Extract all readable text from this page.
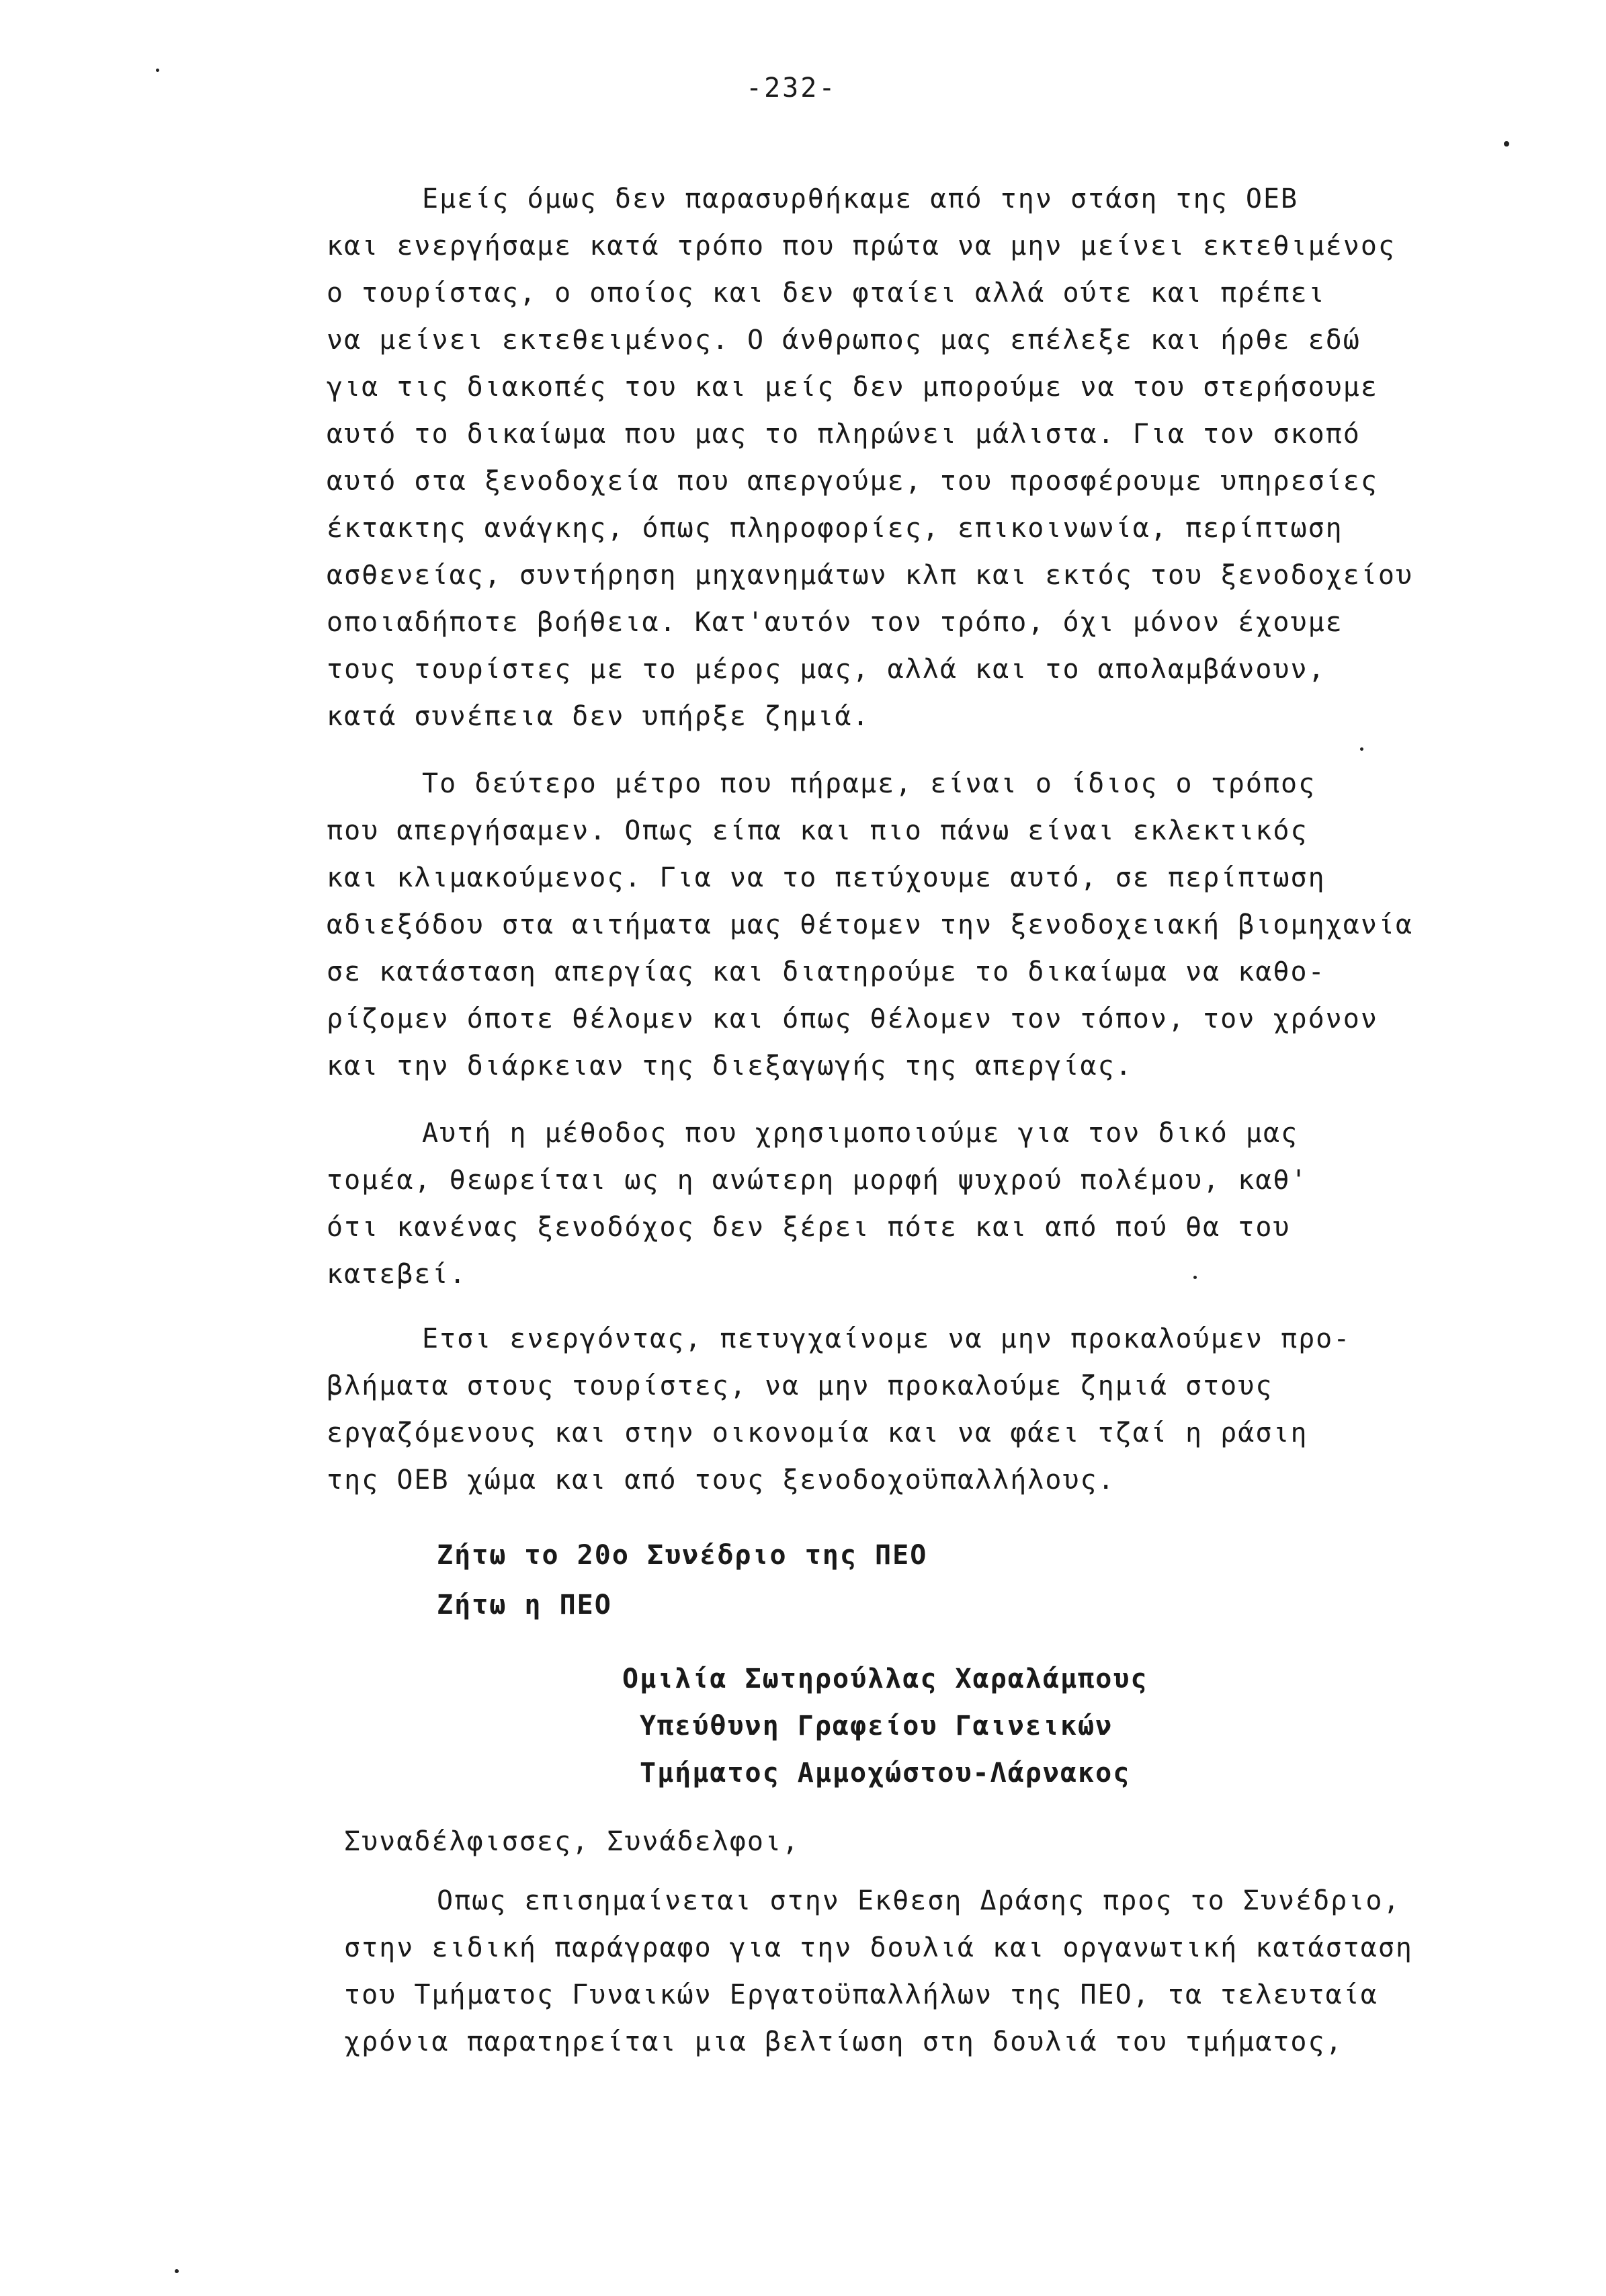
-232-
Εμείς όμως δεν παρασυρθήκαμε από την στάση της ΟΕΒ
και ενεργήσαμε κατά τρόπο που πρώτα να μην μείνει εκτεθιμένος
ο τουρίστας, ο οποίος και δεν φταίει αλλά ούτε και πρέπει
να μείνει εκτεθειμένος. Ο άνθρωπος μας επέλεξε και ήρθε εδώ
για τις διακοπές του και μείς δεν μπορούμε να του στερήσουμε
αυτό το δικαίωμα που μας το πληρώνει μάλιστα. Για τον σκοπό
αυτό στα ξενοδοχεία που απεργούμε, του προσφέρουμε υπηρεσίες
έκτακτης ανάγκης, όπως πληροφορίες, επικοινωνία, περίπτωση
ασθενείας, συντήρηση μηχανημάτων κλπ και εκτός του ξενοδοχείου
οποιαδήποτε βοήθεια. Κατ'αυτόν τον τρόπο, όχι μόνον έχουμε
τους τουρίστες με το μέρος μας, αλλά και το απολαμβάνουν,
κατά συνέπεια δεν υπήρξε ζημιά.
Το δεύτερο μέτρο που πήραμε, είναι ο ίδιος ο τρόπος
που απεργήσαμεν. Οπως είπα και πιο πάνω είναι εκλεκτικός
και κλιμακούμενος. Για να το πετύχουμε αυτό, σε περίπτωση
αδιεξόδου στα αιτήματα μας θέτομεν την ξενοδοχειακή βιομηχανία
σε κατάσταση απεργίας και διατηρούμε το δικαίωμα να καθο-
ρίζομεν όποτε θέλομεν και όπως θέλομεν τον τόπον, τον χρόνον
και την διάρκειαν της διεξαγωγής της απεργίας.
Αυτή η μέθοδος που χρησιμοποιούμε για τον δικό μας
τομέα, θεωρείται ως η ανώτερη μορφή ψυχρού πολέμου, καθ'
ότι κανένας ξενοδόχος δεν ξέρει πότε και από πού θα του
κατεβεί.
Ετσι ενεργόντας, πετυγχαίνομε να μην προκαλούμεν προ-
βλήματα στους τουρίστες, να μην προκαλούμε ζημιά στους
εργαζόμενους και στην οικονομία και να φάει τζαί η ράσιη
της ΟΕΒ χώμα και από τους ξενοδοχοϋπαλλήλους.
Ζήτω το 20ο Συνέδριο της ΠΕΟ
Ζήτω η ΠΕΟ
Ομιλία Σωτηρούλλας Χαραλάμπους
Υπεύθυνη Γραφείου Γαινεικών
Τμήματος Αμμοχώστου-Λάρνακος
Συναδέλφισσες, Συνάδελφοι,
Οπως επισημαίνεται στην Εκθεση Δράσης προς το Συνέδριο,
στην ειδική παράγραφο για την δουλιά και οργανωτική κατάσταση
του Τμήματος Γυναικών Εργατοϋπαλλήλων της ΠΕΟ, τα τελευταία
χρόνια παρατηρείται μια βελτίωση στη δουλιά του τμήματος,
